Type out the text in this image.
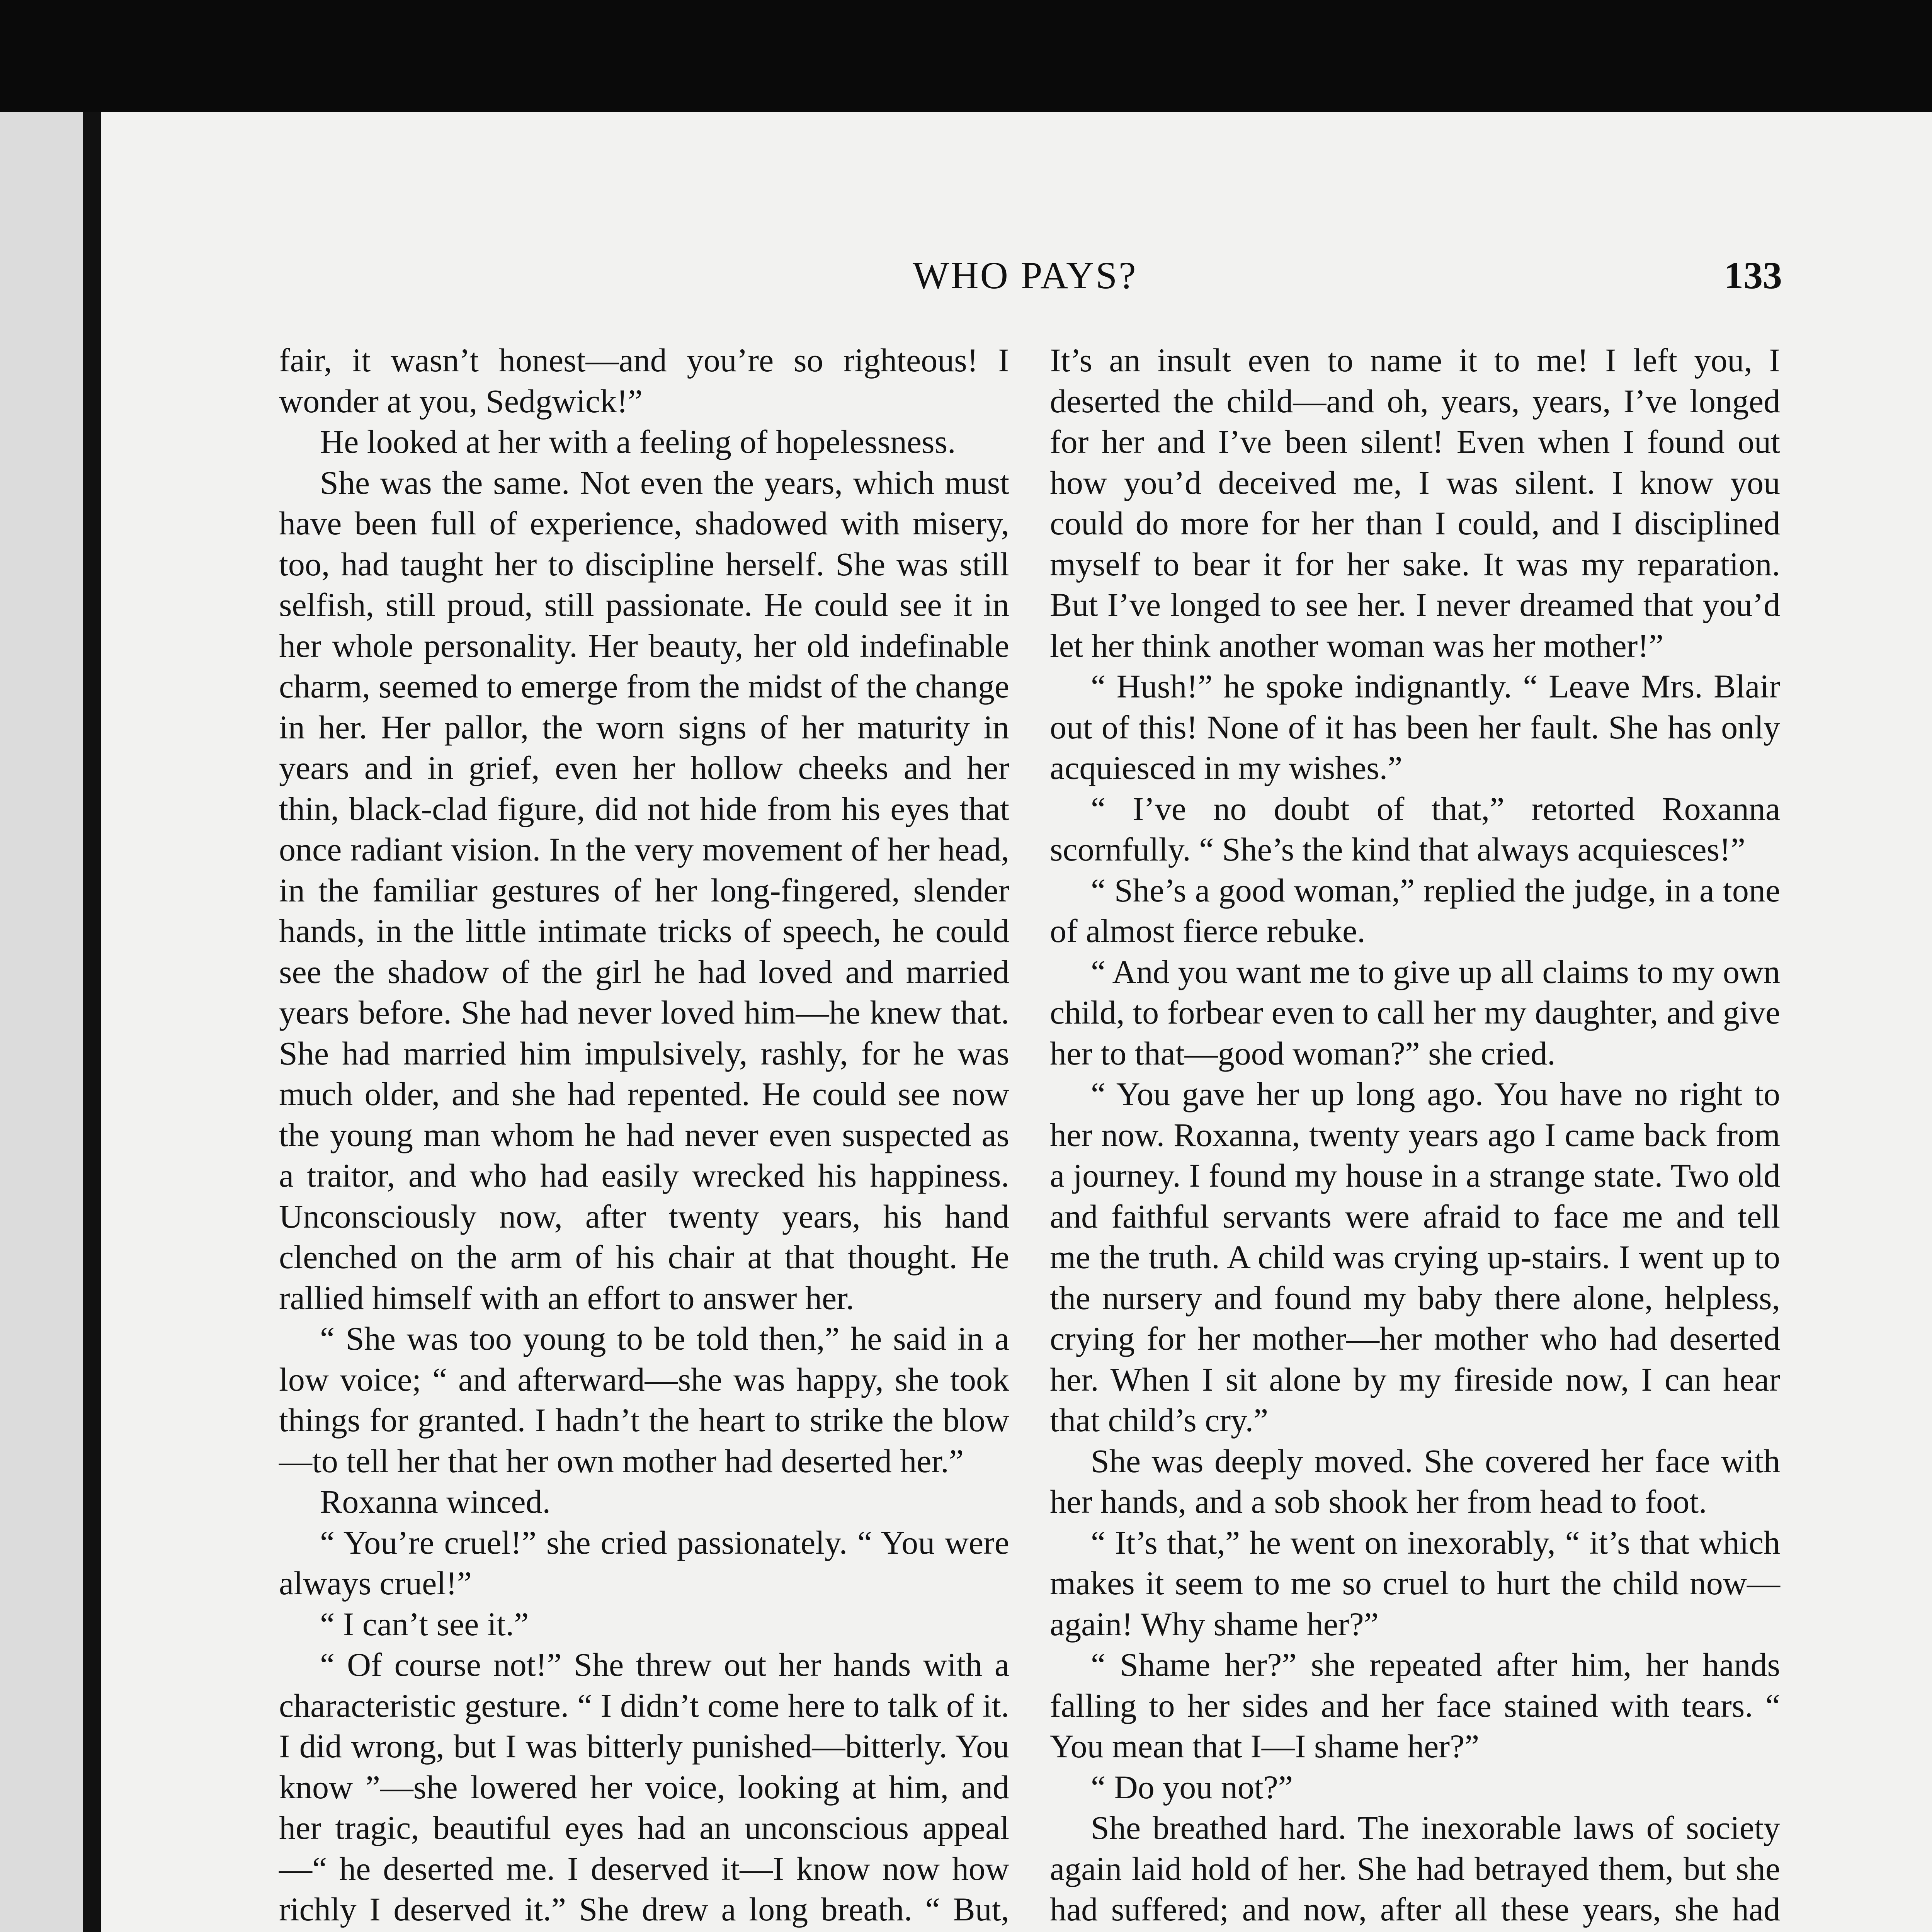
WHO PAYS?	133

fair, it wasn’t honest—and you’re so righteous! I wonder at you, Sedgwick!”

He looked at her with a feeling of hopelessness.

She was the same. Not even the years, which must have been full of experience, shadowed with misery, too, had taught her to discipline herself. She was still selfish, still proud, still passionate. He could see it in her whole personality. Her beauty, her old indefinable charm, seemed to emerge from the midst of the change in her. Her pallor, the worn signs of her maturity in years and in grief, even her hollow cheeks and her thin, black-clad figure, did not hide from his eyes that once radiant vision. In the very movement of her head, in the familiar gestures of her long-fingered, slender hands, in the little intimate tricks of speech, he could see the shadow of the girl he had loved and married years before. She had never loved him—he knew that. She had married him impulsively, rashly, for he was much older, and she had repented. He could see now the young man whom he had never even suspected as a traitor, and who had easily wrecked his happiness. Unconsciously now, after twenty years, his hand clenched on the arm of his chair at that thought. He rallied himself with an effort to answer her.

“ She was too young to be told then,” he said in a low voice; “ and afterward—she was happy, she took things for granted. I hadn’t the heart to strike the blow—to tell her that her own mother had deserted her.”

Roxanna winced.

“ You’re cruel!” she cried passionately. “ You were always cruel!”

“ I can’t see it.”

“ Of course not!” She threw out her hands with a characteristic gesture. “ I didn’t come here to talk of it. I did wrong, but I was bitterly punished—bitterly. You know ”—she lowered her voice, looking at him, and her tragic, beautiful eyes had an unconscious appeal—“ he deserted me. I deserved it—I know now how richly I deserved it.” She drew a long breath. “ But,

It’s an insult even to name it to me! I left you, I deserted the child—and oh, years, years, I’ve longed for her and I’ve been silent! Even when I found out how you’d deceived me, I was silent. I know you could do more for her than I could, and I disciplined myself to bear it for her sake. It was my reparation. But I’ve longed to see her. I never dreamed that you’d let her think another woman was her mother!”

“ Hush!” he spoke indignantly. “ Leave Mrs. Blair out of this! None of it has been her fault. She has only acquiesced in my wishes.”

“ I’ve no doubt of that,” retorted Roxanna scornfully. “ She’s the kind that always acquiesces!”

“ She’s a good woman,” replied the judge, in a tone of almost fierce rebuke.

“ And you want me to give up all claims to my own child, to forbear even to call her my daughter, and give her to that—good woman?” she cried.

“ You gave her up long ago. You have no right to her now. Roxanna, twenty years ago I came back from a journey. I found my house in a strange state. Two old and faithful servants were afraid to face me and tell me the truth. A child was crying up-stairs. I went up to the nursery and found my baby there alone, helpless, crying for her mother—her mother who had deserted her. When I sit alone by my fireside now, I can hear that child’s cry.”

She was deeply moved. She covered her face with her hands, and a sob shook her from head to foot.

“ It’s that,” he went on inexorably, “ it’s that which makes it seem to me so cruel to hurt the child now—again! Why shame her?”

“ Shame her?” she repeated after him, her hands falling to her sides and her face stained with tears. “ You mean that I—I shame her?”

“ Do you not?”

She breathed hard. The inexorable laws of society again laid hold of her. She had betrayed them, but she had suffered; and now, after all these years, she had
